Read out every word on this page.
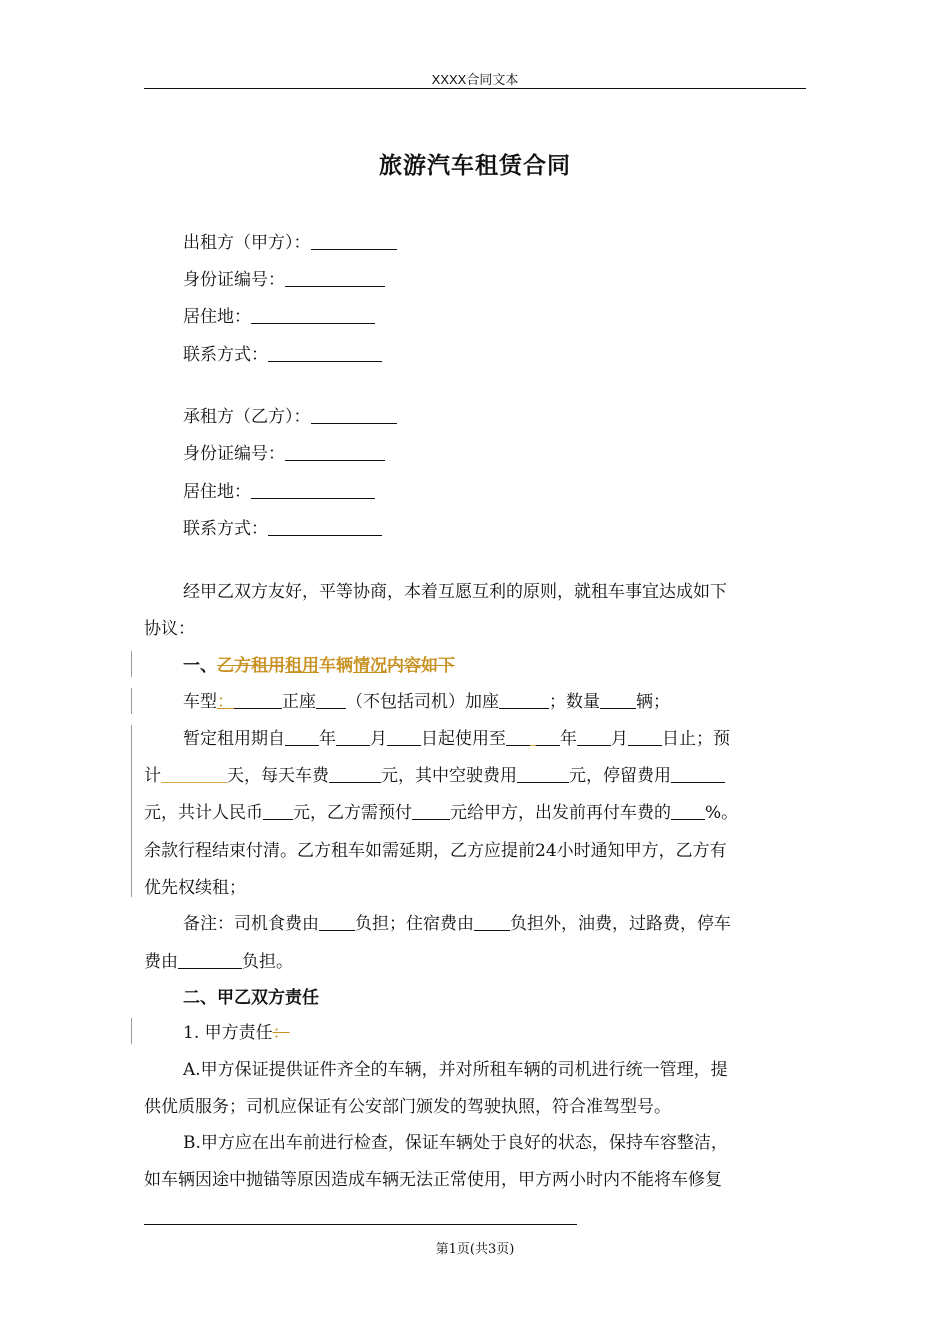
XXXX合同文本
旅游汽车租赁合同
出租方（甲方）：
身份证编号：
居住地：
联系方式：
承租方（乙方）：
身份证编号：
居住地：
联系方式：
经甲乙双方友好，平等协商，本着互愿互利的原则，就租车事宜达成如下
协议：
一、乙方租用租用车辆情况内容如下
车型：	正座 （不包括司机）加座	；数量 辆；
暂定租用期自 年 月 日起使用至	年 月 日止；预
计	天，每天车费	元，其中空驶费用	元，停留费用
元，共计人民币 元，乙方需预付 元给甲方，出发前再付车费的 %。
余款行程结束付清。乙方租车如需延期，乙方应提前24小时通知甲方，乙方有
优先权续租；
备注：司机食费由 负担；住宿费由 负担外，油费，过路费，停车
费由	负担。
二、甲乙双方责任
1. 甲方责任：
A.甲方保证提供证件齐全的车辆，并对所租车辆的司机进行统一管理，提
供优质服务；司机应保证有公安部门颁发的驾驶执照，符合准驾型号。
B.甲方应在出车前进行检查，保证车辆处于良好的状态，保持车容整洁，
如车辆因途中抛锚等原因造成车辆无法正常使用，甲方两小时内不能将车修复
第1页(共3页)
